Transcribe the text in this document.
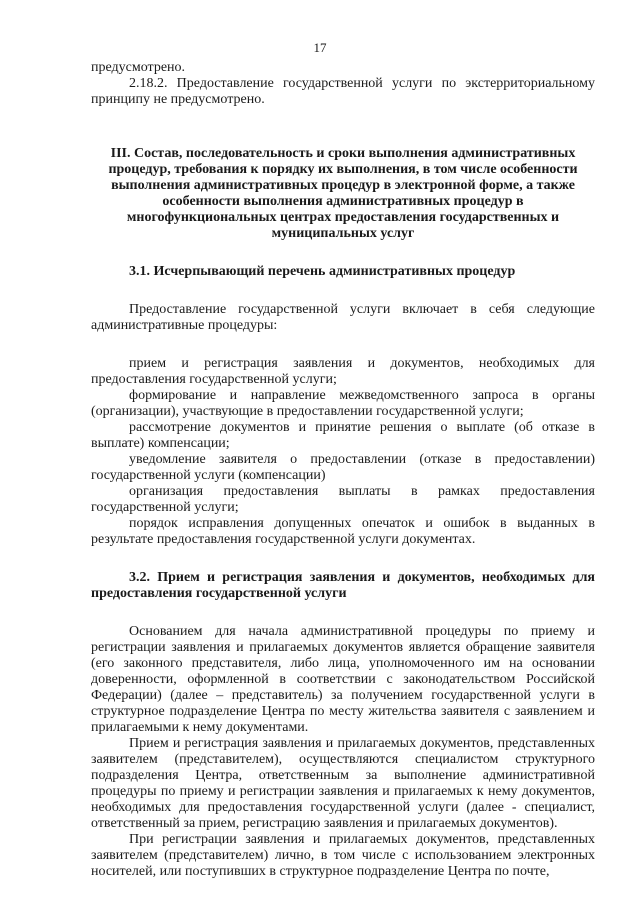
17

предусмотрено.

2.18.2. Предоставление государственной услуги по экстерриториальному принципу не предусмотрено.

III. Состав, последовательность и сроки выполнения административных процедур, требования к порядку их выполнения, в том числе особенности выполнения административных процедур в электронной форме, а также особенности выполнения административных процедур в многофункциональных центрах предоставления государственных и муниципальных услуг

3.1. Исчерпывающий перечень административных процедур

Предоставление государственной услуги включает в себя следующие административные процедуры:

прием и регистрация заявления и документов, необходимых для предоставления государственной услуги;

формирование и направление межведомственного запроса в органы (организации), участвующие в предоставлении государственной услуги;

рассмотрение документов и принятие решения о выплате (об отказе в выплате) компенсации;

уведомление заявителя о предоставлении (отказе в предоставлении) государственной услуги (компенсации)

организация предоставления выплаты в рамках предоставления государственной услуги;

порядок исправления допущенных опечаток и ошибок в выданных в результате предоставления государственной услуги документах.

3.2. Прием и регистрация заявления и документов, необходимых для предоставления государственной услуги

Основанием для начала административной процедуры по приему и регистрации заявления и прилагаемых документов является обращение заявителя (его законного представителя, либо лица, уполномоченного им на основании доверенности, оформленной в соответствии с законодательством Российской Федерации) (далее – представитель) за получением государственной услуги в структурное подразделение Центра по месту жительства заявителя с заявлением и прилагаемыми к нему документами.

Прием и регистрация заявления и прилагаемых документов, представленных заявителем (представителем), осуществляются специалистом структурного подразделения Центра, ответственным за выполнение административной процедуры по приему и регистрации заявления и прилагаемых к нему документов, необходимых для предоставления государственной услуги (далее - специалист, ответственный за прием, регистрацию заявления и прилагаемых документов).

При регистрации заявления и прилагаемых документов, представленных заявителем (представителем) лично, в том числе с использованием электронных носителей, или поступивших в структурное подразделение Центра по почте,
